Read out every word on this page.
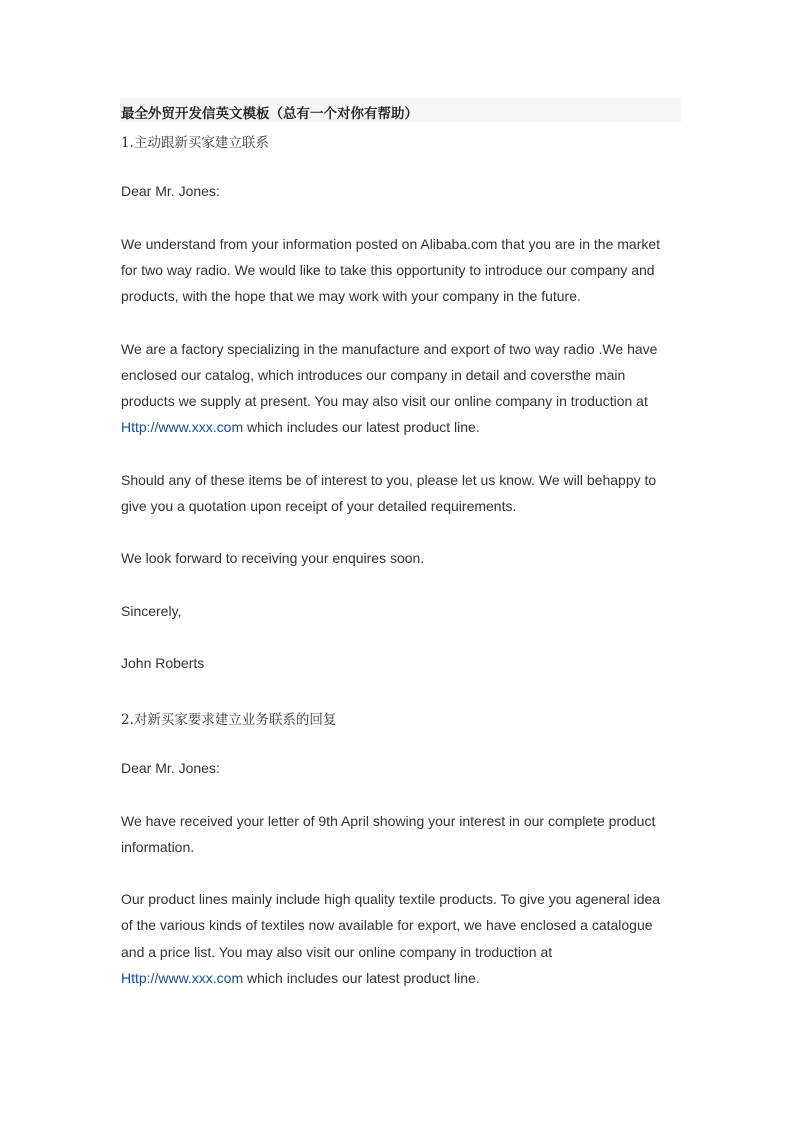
最全外贸开发信英文模板（总有一个对你有帮助）
1.主动跟新买家建立联系
Dear Mr. Jones:
We understand from your information posted on Alibaba.com that you are in the market
for two way radio. We would like to take this opportunity to introduce our company and
products, with the hope that we may work with your company in the future.
We are a factory specializing in the manufacture and export of two way radio .We have
enclosed our catalog, which introduces our company in detail and coversthe main
products we supply at present. You may also visit our online company in troduction at
Http://www.xxx.com which includes our latest product line.
Should any of these items be of interest to you, please let us know. We will behappy to
give you a quotation upon receipt of your detailed requirements.
We look forward to receiving your enquires soon.
Sincerely,
John Roberts
2.对新买家要求建立业务联系的回复
Dear Mr. Jones:
We have received your letter of 9th April showing your interest in our complete product
information.
Our product lines mainly include high quality textile products. To give you ageneral idea
of the various kinds of textiles now available for export, we have enclosed a catalogue
and a price list. You may also visit our online company in troduction at
Http://www.xxx.com which includes our latest product line.
